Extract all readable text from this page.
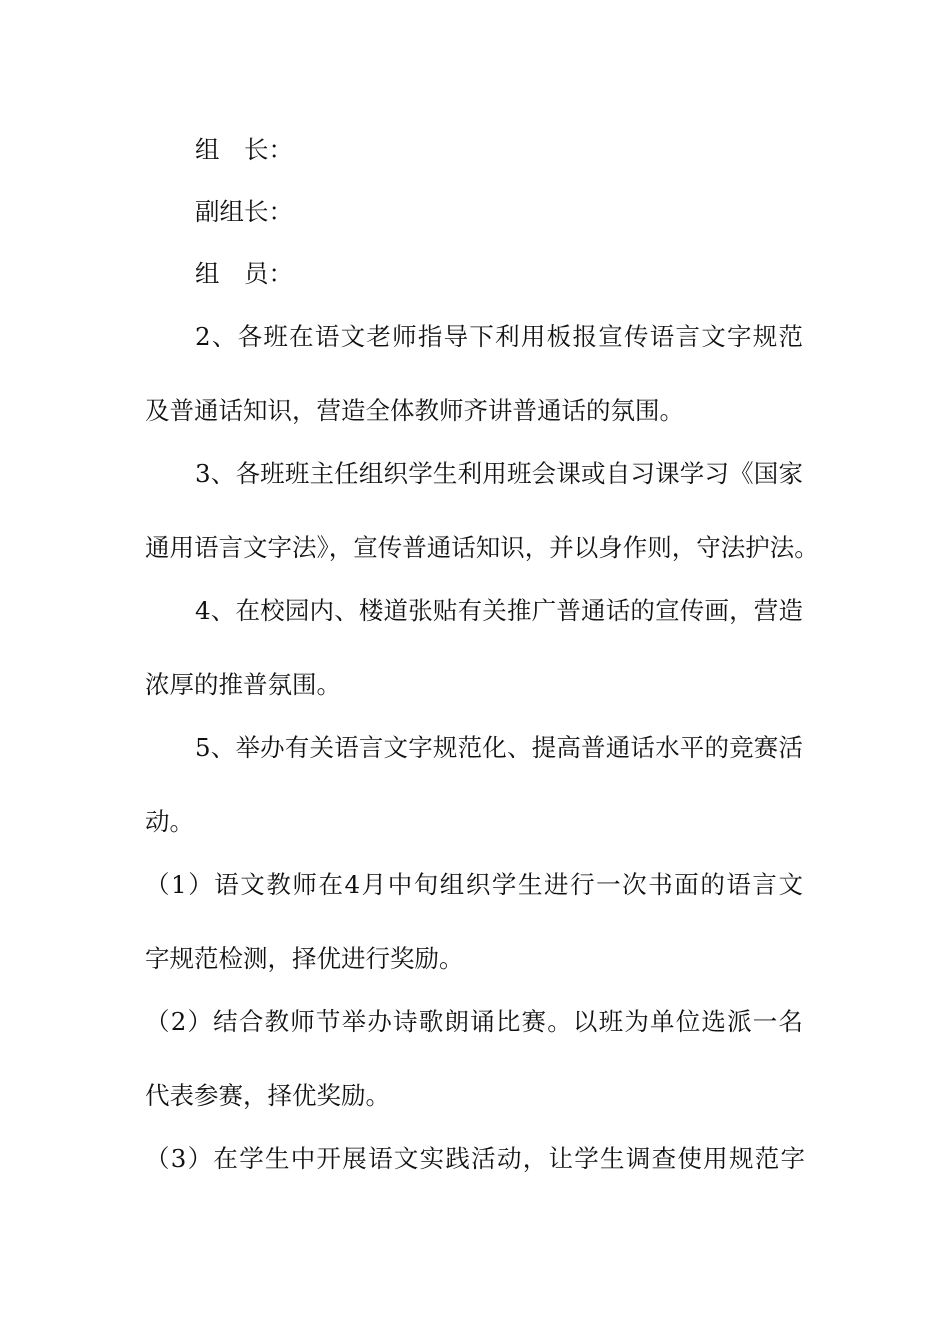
组　长：
副组长：
组　员：
2、各班在语文老师指导下利用板报宣传语言文字规范
及普通话知识，营造全体教师齐讲普通话的氛围。
3、各班班主任组织学生利用班会课或自习课学习《国家
通用语言文字法》，宣传普通话知识，并以身作则，守法护法。
4、在校园内、楼道张贴有关推广普通话的宣传画，营造
浓厚的推普氛围。
5、举办有关语言文字规范化、提高普通话水平的竞赛活
动。
（1）语文教师在4月中旬组织学生进行一次书面的语言文
字规范检测，择优进行奖励。
（2）结合教师节举办诗歌朗诵比赛。以班为单位选派一名
代表参赛，择优奖励。
（3）在学生中开展语文实践活动，让学生调查使用规范字
